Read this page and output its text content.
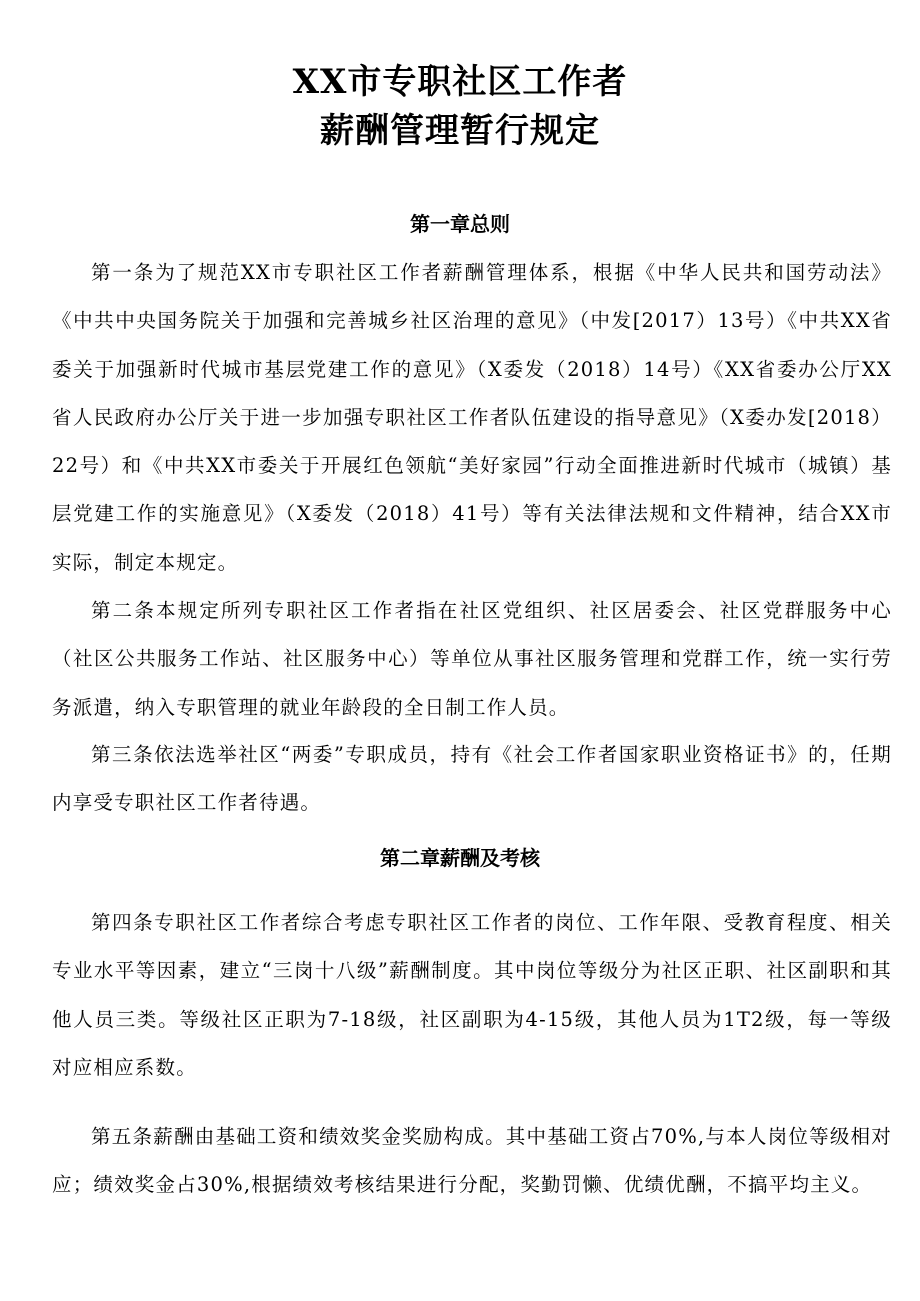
XX市专职社区工作者
薪酬管理暂行规定
第一章总则

第一条为了规范XX市专职社区工作者薪酬管理体系，根据《中华人民共和国劳动法》《中共中央国务院关于加强和完善城乡社区治理的意见》（中发[2017）13号）《中共XX省委关于加强新时代城市基层党建工作的意见》（X委发（2018）14号）《XX省委办公厅XX省人民政府办公厅关于进一步加强专职社区工作者队伍建设的指导意见》（X委办发[2018）22号）和《中共XX市委关于开展红色领航“美好家园”行动全面推进新时代城市（城镇）基层党建工作的实施意见》（X委发（2018）41号）等有关法律法规和文件精神，结合XX市实际，制定本规定。

第二条本规定所列专职社区工作者指在社区党组织、社区居委会、社区党群服务中心（社区公共服务工作站、社区服务中心）等单位从事社区服务管理和党群工作，统一实行劳务派遣，纳入专职管理的就业年龄段的全日制工作人员。

第三条依法选举社区“两委”专职成员，持有《社会工作者国家职业资格证书》的，任期内享受专职社区工作者待遇。

第二章薪酬及考核

第四条专职社区工作者综合考虑专职社区工作者的岗位、工作年限、受教育程度、相关专业水平等因素，建立“三岗十八级”薪酬制度。其中岗位等级分为社区正职、社区副职和其他人员三类。等级社区正职为7-18级，社区副职为4-15级，其他人员为1T2级，每一等级对应相应系数。

第五条薪酬由基础工资和绩效奖金奖励构成。其中基础工资占70%,与本人岗位等级相对应；绩效奖金占30%,根据绩效考核结果进行分配，奖勤罚懒、优绩优酬，不搞平均主义。
